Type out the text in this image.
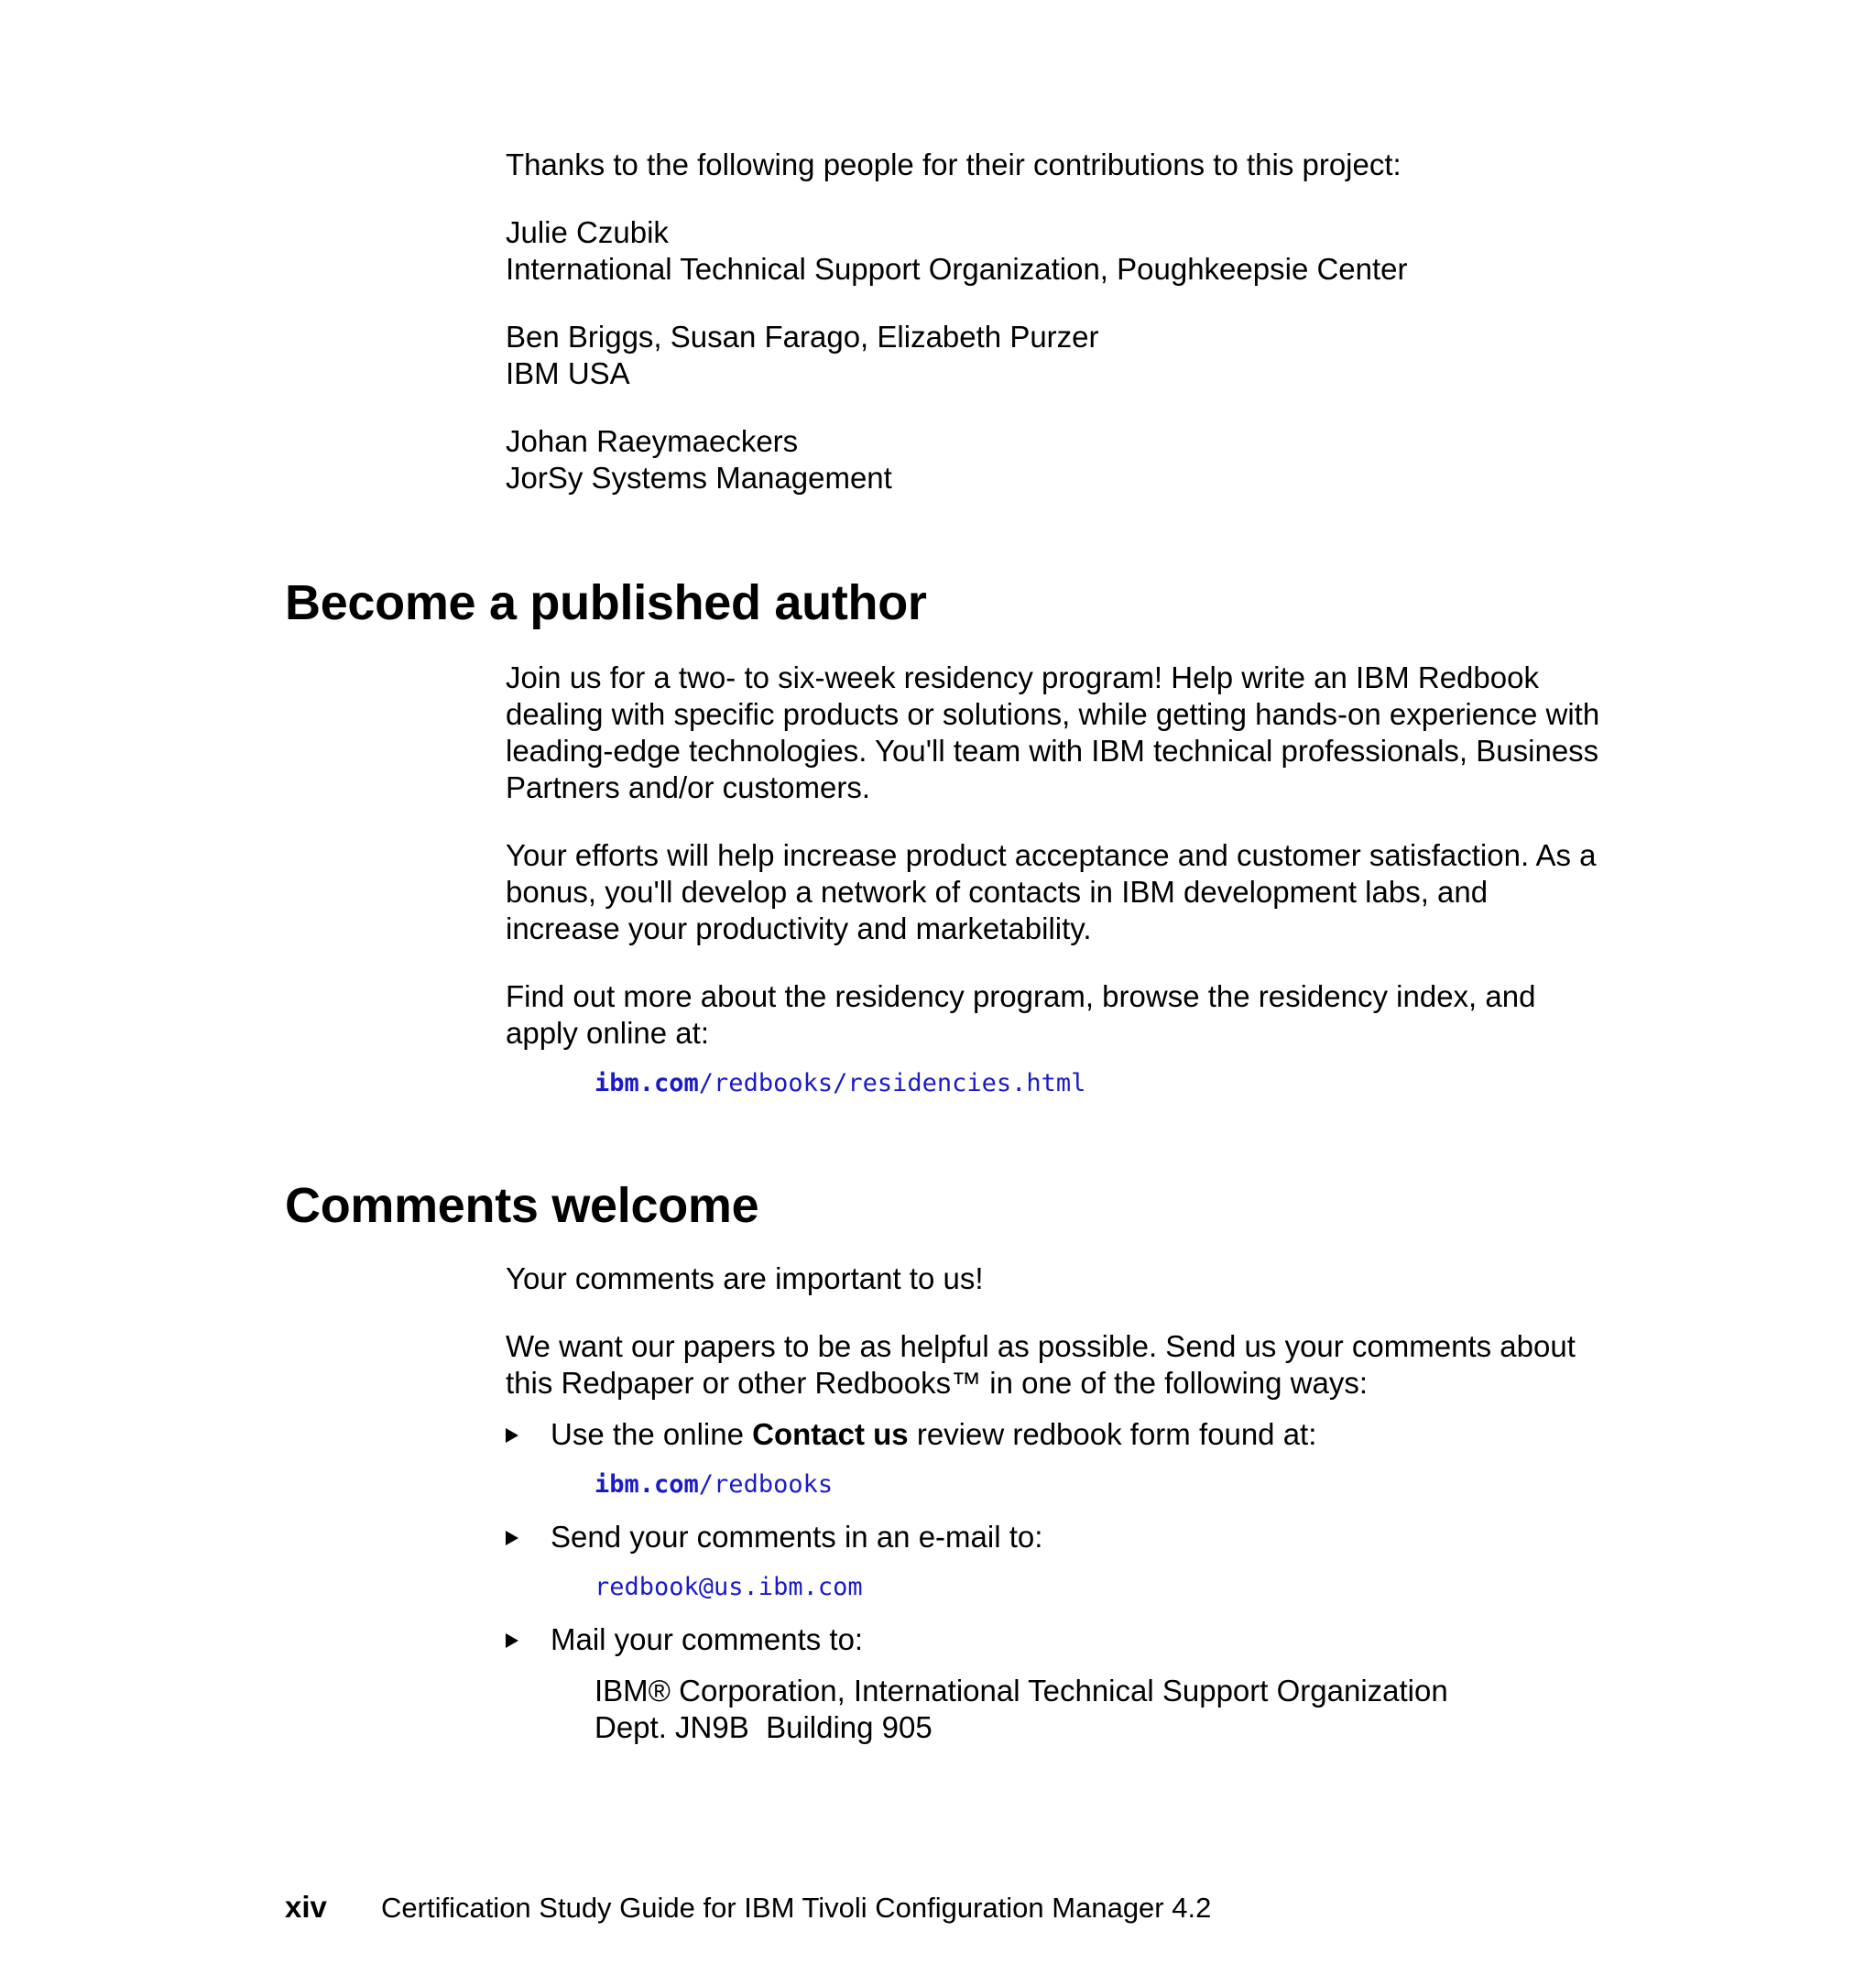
Thanks to the following people for their contributions to this project:

Julie Czubik
International Technical Support Organization, Poughkeepsie Center

Ben Briggs, Susan Farago, Elizabeth Purzer
IBM USA

Johan Raeymaeckers
JorSy Systems Management

Become a published author

Join us for a two- to six-week residency program! Help write an IBM Redbook dealing with specific products or solutions, while getting hands-on experience with leading-edge technologies. You'll team with IBM technical professionals, Business Partners and/or customers.

Your efforts will help increase product acceptance and customer satisfaction. As a bonus, you'll develop a network of contacts in IBM development labs, and increase your productivity and marketability.

Find out more about the residency program, browse the residency index, and apply online at:

ibm.com/redbooks/residencies.html
Comments welcome

Your comments are important to us!

We want our papers to be as helpful as possible. Send us your comments about this Redpaper or other Redbooks™ in one of the following ways:

Use the online Contact us review redbook form found at:
ibm.com/redbooks
Send your comments in an e-mail to:
redbook@us.ibm.com
Mail your comments to:
IBM® Corporation, International Technical Support Organization
Dept. JN9B  Building 905
xiv Certification Study Guide for IBM Tivoli Configuration Manager 4.2
